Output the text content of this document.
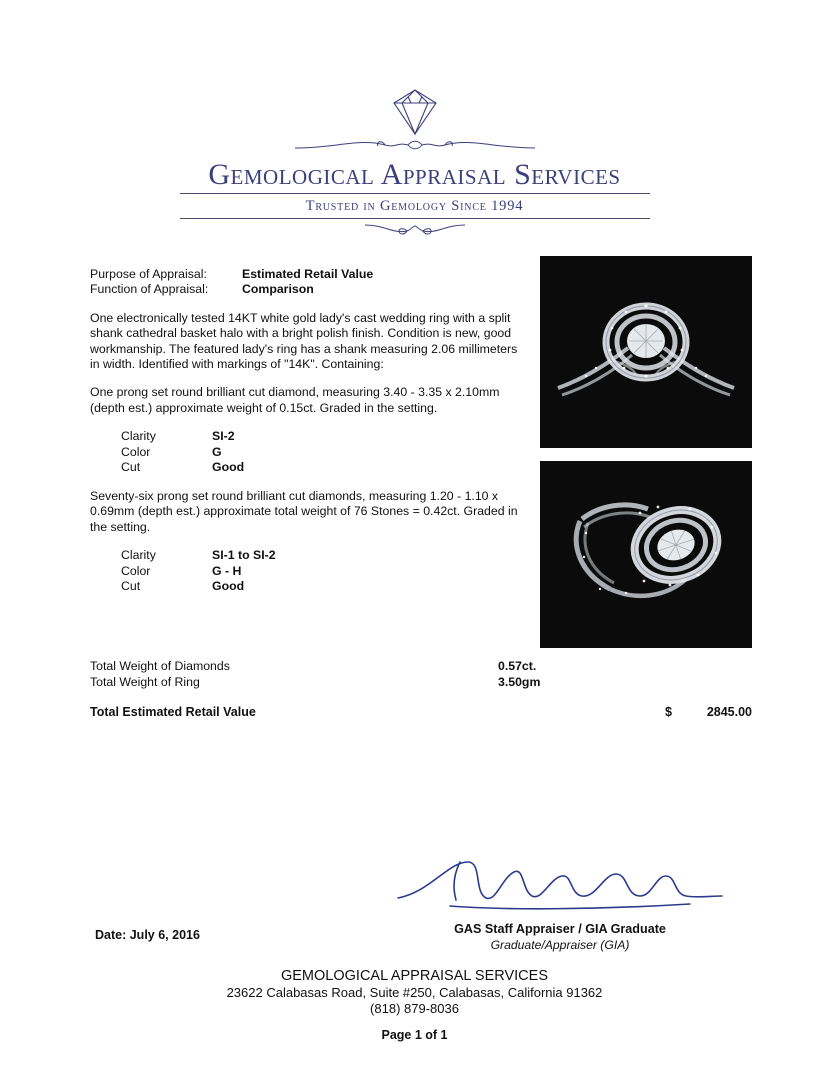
Gemological Appraisal Services
Trusted in Gemology Since 1994
Purpose of Appraisal:	Estimated Retail Value
Function of Appraisal:	Comparison
One electronically tested 14KT white gold lady's cast wedding ring with a split shank cathedral basket halo with a bright polish finish. Condition is new, good workmanship. The featured lady's ring has a shank measuring 2.06 millimeters in width. Identified with markings of "14K". Containing:
One prong set round brilliant cut diamond, measuring 3.40 - 3.35 x 2.10mm (depth est.) approximate weight of 0.15ct. Graded in the setting.
Clarity	SI-2
Color	G
Cut	Good
Seventy-six prong set round brilliant cut diamonds, measuring 1.20 - 1.10 x 0.69mm (depth est.) approximate total weight of 76 Stones = 0.42ct. Graded in the setting.
Clarity	SI-1 to SI-2
Color	G - H
Cut	Good
Total Weight of Diamonds	0.57ct.
Total Weight of Ring	3.50gm
Total Estimated Retail Value	$	2845.00
Date: July 6, 2016	GAS Staff Appraiser / GIA Graduate
Graduate/Appraiser (GIA)
GEMOLOGICAL APPRAISAL SERVICES
23622 Calabasas Road, Suite #250, Calabasas, California 91362
(818) 879-8036
Page 1 of 1
